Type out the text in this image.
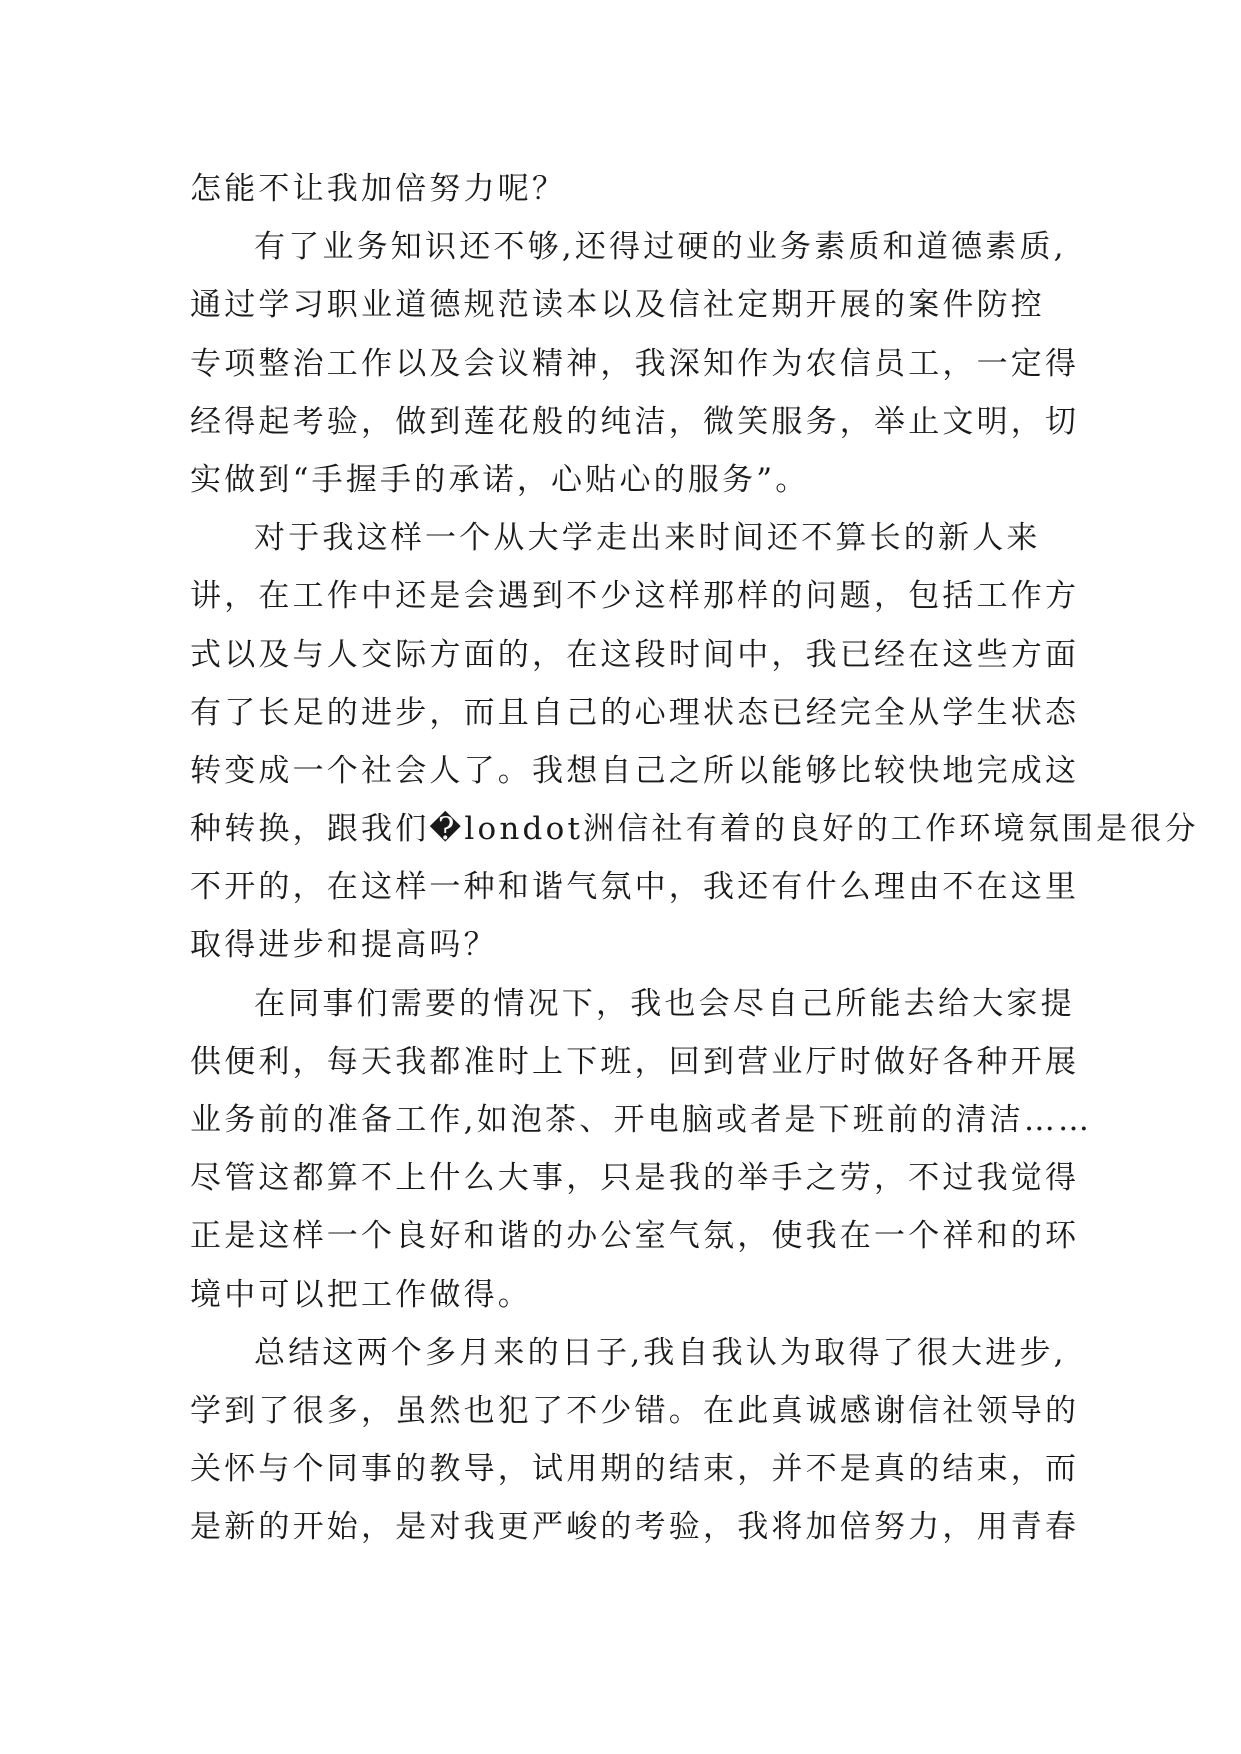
怎能不让我加倍努力呢？
有了业务知识还不够,还得过硬的业务素质和道德素质,
通过学习职业道德规范读本以及信社定期开展的案件防控
专项整治工作以及会议精神，我深知作为农信员工，一定得
经得起考验，做到莲花般的纯洁，微笑服务，举止文明，切
实做到“手握手的承诺，心贴心的服务”。
对于我这样一个从大学走出来时间还不算长的新人来
讲，在工作中还是会遇到不少这样那样的问题，包括工作方
式以及与人交际方面的，在这段时间中，我已经在这些方面
有了长足的进步，而且自己的心理状态已经完全从学生状态
转变成一个社会人了。我想自己之所以能够比较快地完成这
种转换，跟我们�londot洲信社有着的良好的工作环境氛围是很分
不开的，在这样一种和谐气氛中，我还有什么理由不在这里
取得进步和提高吗？
在同事们需要的情况下，我也会尽自己所能去给大家提
供便利，每天我都准时上下班，回到营业厅时做好各种开展
业务前的准备工作,如泡茶、开电脑或者是下班前的清洁……
尽管这都算不上什么大事，只是我的举手之劳，不过我觉得
正是这样一个良好和谐的办公室气氛，使我在一个祥和的环
境中可以把工作做得。
总结这两个多月来的日子,我自我认为取得了很大进步,
学到了很多，虽然也犯了不少错。在此真诚感谢信社领导的
关怀与个同事的教导，试用期的结束，并不是真的结束，而
是新的开始，是对我更严峻的考验，我将加倍努力，用青春
